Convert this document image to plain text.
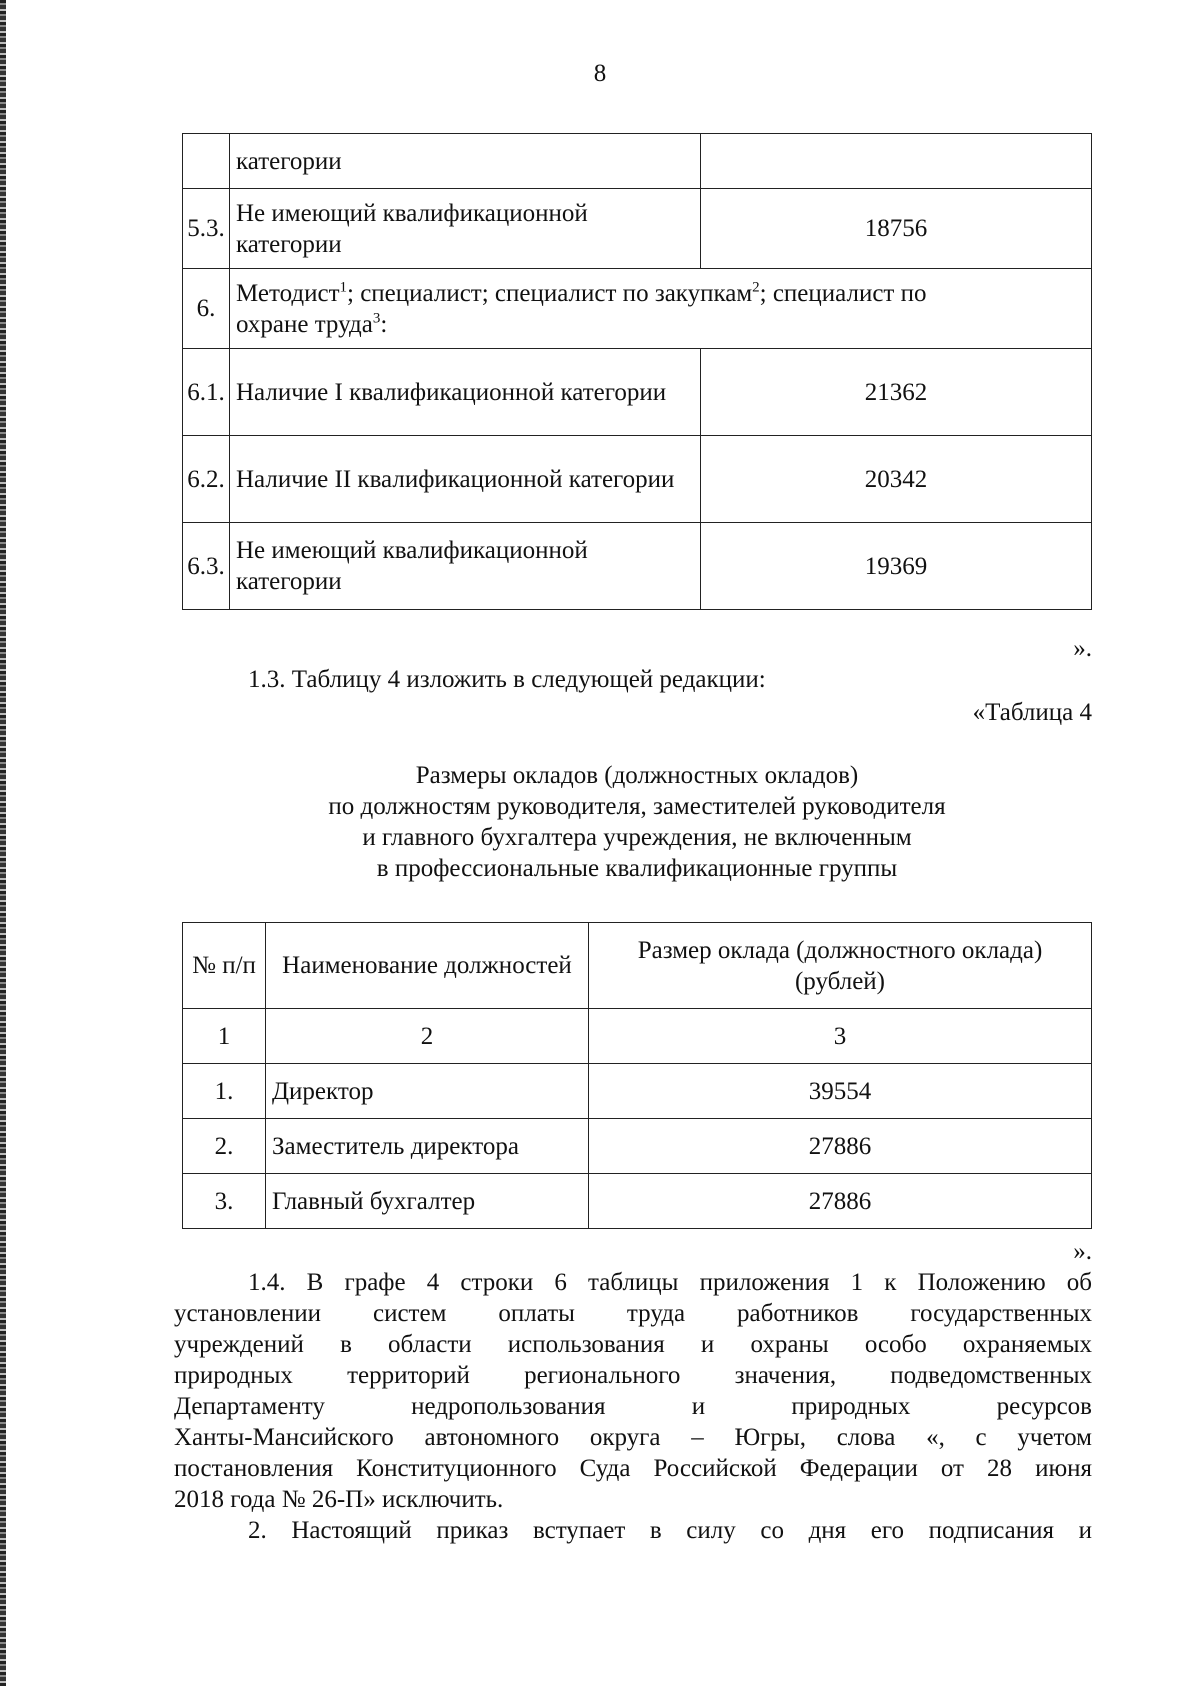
8
	категории	
5.3.	Не имеющий квалификационной категории	18756
6.	Методист$^1$; специалист; специалист по закупкам$^2$; специалист по
охране труда$^3$:	

6.1.	Наличие I квалификационной категории	21362
6.2.	Наличие II квалификационной категории	20342
6.3.	Не имеющий квалификационной категории	19369
».
1.3. Таблицу 4 изложить в следующей редакции:
«Таблица 4
Размеры окладов (должностных окладов)
по должностям руководителя, заместителей руководителя
и главного бухгалтера учреждения, не включенным
в профессиональные квалификационные группы
№ п/п	Наименование должностей	Размер оклада (должностного оклада) (рублей)
1	2	3
1.	Директор	39554
2.	Заместитель директора	27886
3.	Главный бухгалтер	27886
».
1.4. В графе 4 строки 6 таблицы приложения 1 к Положению об
установлении систем оплаты труда работников государственных
учреждений в области использования и охраны особо охраняемых
природных территорий регионального значения, подведомственных
Департаменту недропользования и природных ресурсов
Ханты-Мансийского автономного округа – Югры, слова «, с учетом
постановления Конституционного Суда Российской Федерации от 28 июня
2018 года № 26-П» исключить.
2. Настоящий приказ вступает в силу со дня его подписания и
